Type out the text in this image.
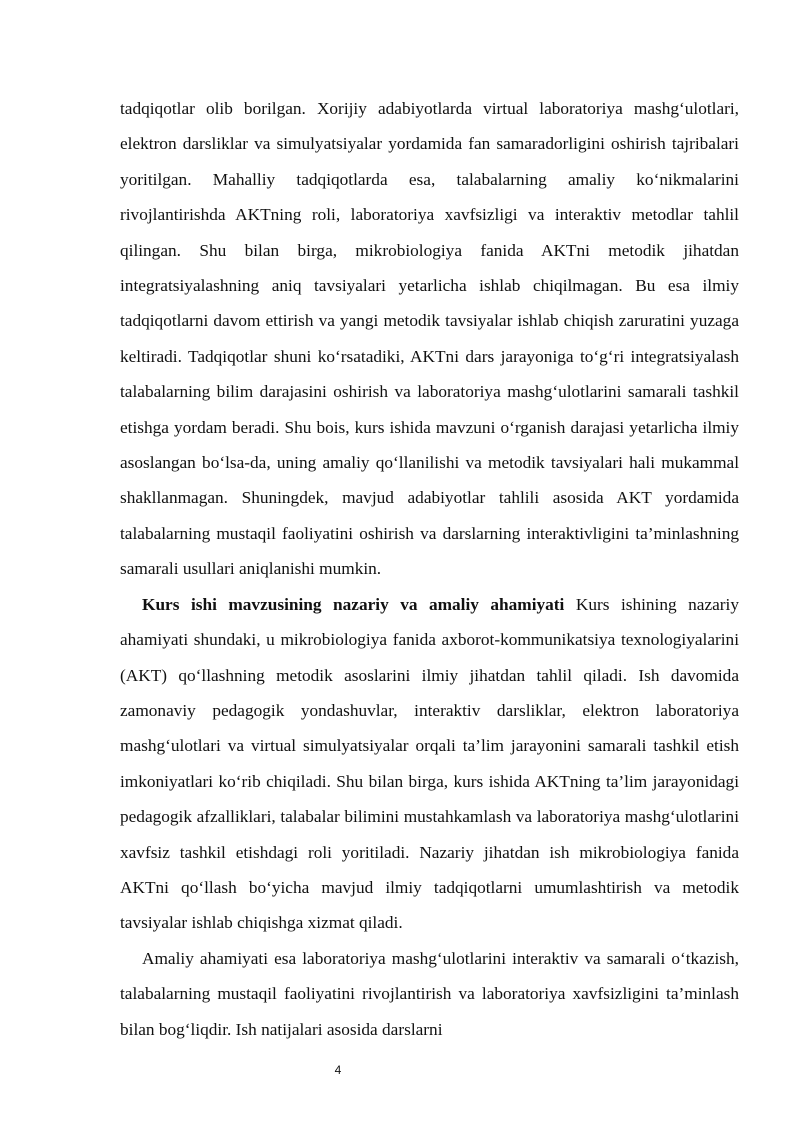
tadqiqotlar olib borilgan. Xorijiy adabiyotlarda virtual laboratoriya mashg‘ulotlari, elektron darsliklar va simulyatsiyalar yordamida fan samaradorligini oshirish tajribalari yoritilgan. Mahalliy tadqiqotlarda esa, talabalarning amaliy ko‘nikmalarini rivojlantirishda AKTning roli, laboratoriya xavfsizligi va interaktiv metodlar tahlil qilingan. Shu bilan birga, mikrobiologiya fanida AKTni metodik jihatdan integratsiyalashning aniq tavsiyalari yetarlicha ishlab chiqilmagan. Bu esa ilmiy tadqiqotlarni davom ettirish va yangi metodik tavsiyalar ishlab chiqish zaruratini yuzaga keltiradi. Tadqiqotlar shuni ko‘rsatadiki, AKTni dars jarayoniga to‘g‘ri integratsiyalash talabalarning bilim darajasini oshirish va laboratoriya mashg‘ulotlarini samarali tashkil etishga yordam beradi. Shu bois, kurs ishida mavzuni o‘rganish darajasi yetarlicha ilmiy asoslangan bo‘lsa-da, uning amaliy qo‘llanilishi va metodik tavsiyalari hali mukammal shakllanmagan. Shuningdek, mavjud adabiyotlar tahlili asosida AKT yordamida talabalarning mustaqil faoliyatini oshirish va darslarning interaktivligini ta’minlashning samarali usullari aniqlanishi mumkin.

Kurs ishi mavzusining nazariy va amaliy ahamiyati Kurs ishining nazariy ahamiyati shundaki, u mikrobiologiya fanida axborot-kommunikatsiya texnologiyalarini (AKT) qo‘llashning metodik asoslarini ilmiy jihatdan tahlil qiladi. Ish davomida zamonaviy pedagogik yondashuvlar, interaktiv darsliklar, elektron laboratoriya mashg‘ulotlari va virtual simulyatsiyalar orqali ta’lim jarayonini samarali tashkil etish imkoniyatlari ko‘rib chiqiladi. Shu bilan birga, kurs ishida AKTning ta’lim jarayonidagi pedagogik afzalliklari, talabalar bilimini mustahkamlash va laboratoriya mashg‘ulotlarini xavfsiz tashkil etishdagi roli yoritiladi. Nazariy jihatdan ish mikrobiologiya fanida AKTni qo‘llash bo‘yicha mavjud ilmiy tadqiqotlarni umumlashtirish va metodik tavsiyalar ishlab chiqishga xizmat qiladi.

Amaliy ahamiyati esa laboratoriya mashg‘ulotlarini interaktiv va samarali o‘tkazish, talabalarning mustaqil faoliyatini rivojlantirish va laboratoriya xavfsizligini ta’minlash bilan bog‘liqdir. Ish natijalari asosida darslarni

4
